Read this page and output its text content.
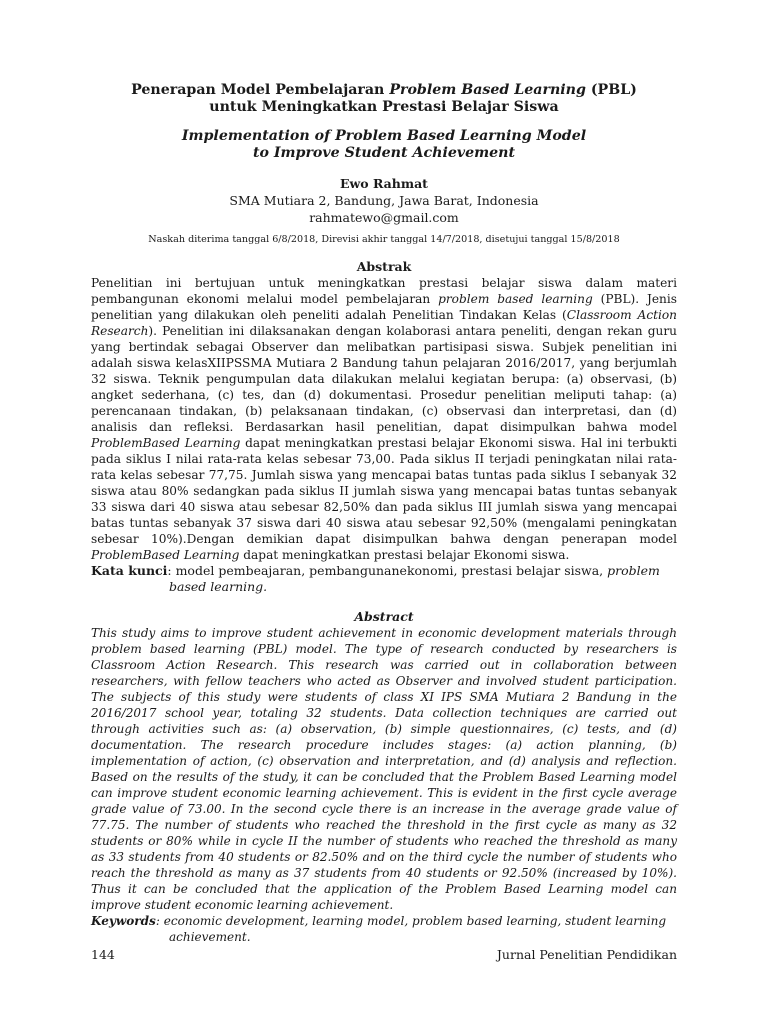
Penerapan Model Pembelajaran Problem Based Learning (PBL)
untuk Meningkatkan Prestasi Belajar Siswa
Implementation of Problem Based Learning Model
to Improve Student Achievement
Ewo Rahmat
SMA Mutiara 2, Bandung, Jawa Barat, Indonesia
rahmatewo@gmail.com
Naskah diterima tanggal 6/8/2018, Direvisi akhir tanggal 14/7/2018, disetujui tanggal 15/8/2018
Abstrak
Penelitian ini bertujuan untuk meningkatkan prestasi belajar siswa dalam materi pembangunan ekonomi melalui model pembelajaran problem based learning (PBL). Jenis penelitian yang dilakukan oleh peneliti adalah Penelitian Tindakan Kelas (Classroom Action Research). Penelitian ini dilaksanakan dengan kolaborasi antara peneliti, dengan rekan guru yang bertindak sebagai Observer dan melibatkan partisipasi siswa. Subjek penelitian ini adalah siswa kelasXIIPSSMA Mutiara 2 Bandung tahun pelajaran 2016/2017, yang berjumlah 32 siswa. Teknik pengumpulan data dilakukan melalui kegiatan berupa: (a) observasi, (b) angket sederhana, (c) tes, dan (d) dokumentasi. Prosedur penelitian meliputi tahap: (a) perencanaan tindakan, (b) pelaksanaan tindakan, (c) observasi dan interpretasi, dan (d) analisis dan refleksi. Berdasarkan hasil penelitian, dapat disimpulkan bahwa model ProblemBased Learning dapat meningkatkan prestasi belajar Ekonomi siswa. Hal ini terbukti pada siklus I nilai rata-rata kelas sebesar 73,00. Pada siklus II terjadi peningkatan nilai rata-rata kelas sebesar 77,75. Jumlah siswa yang mencapai batas tuntas pada siklus I sebanyak 32 siswa atau 80% sedangkan pada siklus II jumlah siswa yang mencapai batas tuntas sebanyak 33 siswa dari 40 siswa atau sebesar 82,50% dan pada siklus III jumlah siswa yang mencapai batas tuntas sebanyak 37 siswa dari 40 siswa atau sebesar 92,50% (mengalami peningkatan sebesar 10%).Dengan demikian dapat disimpulkan bahwa dengan penerapan model ProblemBased Learning dapat meningkatkan prestasi belajar Ekonomi siswa.
Kata kunci: model pembeajaran, pembangunanekonomi, prestasi belajar siswa, problem based learning.
Abstract
This study aims to improve student achievement in economic development materials through problem based learning (PBL) model. The type of research conducted by researchers is Classroom Action Research. This research was carried out in collaboration between researchers, with fellow teachers who acted as Observer and involved student participation. The subjects of this study were students of class XI IPS SMA Mutiara 2 Bandung in the 2016/2017 school year, totaling 32 students. Data collection techniques are carried out through activities such as: (a) observation, (b) simple questionnaires, (c) tests, and (d) documentation. The research procedure includes stages: (a) action planning, (b) implementation of action, (c) observation and interpretation, and (d) analysis and reflection. Based on the results of the study, it can be concluded that the Problem Based Learning model can improve student economic learning achievement. This is evident in the first cycle average grade value of 73.00. In the second cycle there is an increase in the average grade value of 77.75. The number of students who reached the threshold in the first cycle as many as 32 students or 80% while in cycle II the number of students who reached the threshold as many as 33 students from 40 students or 82.50% and on the third cycle the number of students who reach the threshold as many as 37 students from 40 students or 92.50% (increased by 10%). Thus it can be concluded that the application of the Problem Based Learning model can improve student economic learning achievement.
Keywords: economic development, learning model, problem based learning, student learning achievement.
144	Jurnal Penelitian Pendidikan
